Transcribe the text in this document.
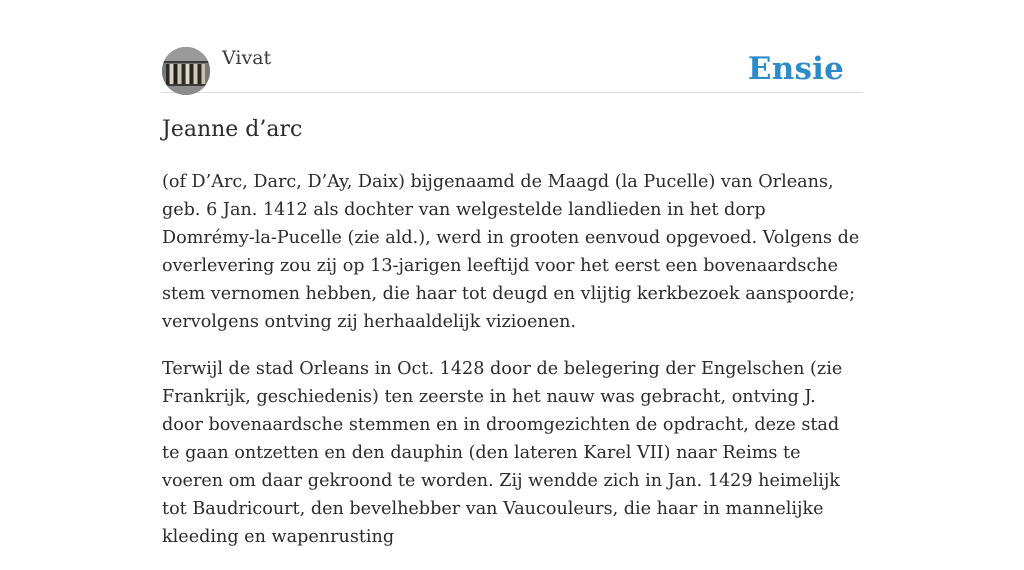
Vivat	Ensie
Jeanne d’arc

(of D’Arc, Darc, D’Ay, Daix) bijgenaamd de Maagd (la Pucelle) van Orleans, geb. 6 Jan. 1412 als dochter van welgestelde landlieden in het dorp Domrémy-la-Pucelle (zie ald.), werd in grooten eenvoud opgevoed. Volgens de overlevering zou zij op 13-jarigen leeftijd voor het eerst een bovenaardsche stem vernomen hebben, die haar tot deugd en vlijtig kerkbezoek aanspoorde; vervolgens ontving zij herhaaldelijk vizioenen.

Terwijl de stad Orleans in Oct. 1428 door de belegering der Engelschen (zie Frankrijk, geschiedenis) ten zeerste in het nauw was gebracht, ontving J. door bovenaardsche stemmen en in droomgezichten de opdracht, deze stad te gaan ontzetten en den dauphin (den lateren Karel VII) naar Reims te voeren om daar gekroond te worden. Zij wendde zich in Jan. 1429 heimelijk tot Baudricourt, den bevelhebber van Vaucouleurs, die haar in mannelijke kleeding en wapenrusting
